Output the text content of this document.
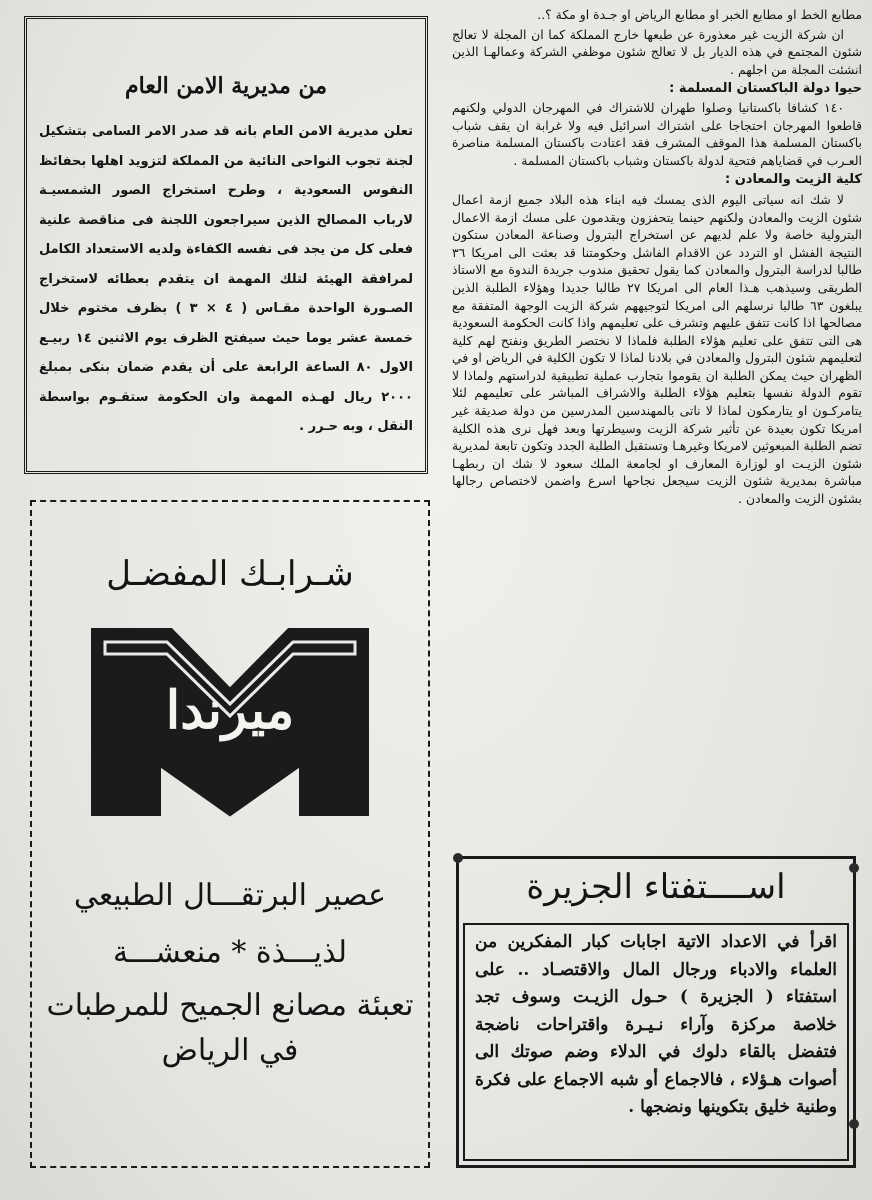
مطابع الخط او مطابع الخبر او مطابع الرياض او جـدة او مكة ؟..

ان شركة الزيت غير معذورة عن طبعها خارج المملكة كما ان المجلة لا تعالج شئون المجتمع في هذه الديار بل لا تعالج شئون موظفي الشركة وعمالهـا الذين انشئت المجلة من اجلهم .

حيوا دولة الباكستان المسلمة :

١٤٠ كشافا باكستانيا وصلوا طهران للاشتراك في المهرجان الدولي ولكنهم قاطعوا المهرجان احتجاجا على اشتراك اسرائيل فيه ولا غرابة ان يقف شباب باكستان المسلمة هذا الموقف المشرف فقد اعتادت باكستان المسلمة مناصرة العـرب في قضاياهم فتحية لدولة باكستان وشباب باكستان المسلمة .

كلية الزيت والمعادن :

لا شك انه سياتى اليوم الذى يمسك فيه ابناء هذه البلاد جميع ازمة اعمال شئون الزيت والمعادن ولكنهم حينما يتحفزون ويقدمون على مسك ازمة الاعمال البترولية خاصة ولا علم لديهم عن استخراج البترول وصناعة المعادن ستكون النتيجة الفشل او التردد عن الاقدام الفاشل وحكومتنا قد بعثت الى امريكا ٣٦ طالبا لدراسة البترول والمعادن كما يقول تحقيق مندوب جريدة الندوة مع الاستاذ الطريقى وسيذهب هـذا العام الى امريكا ٢٧ طالبا جديدا وهؤلاء الطلبة الذين يبلغون ٦٣ طالبا نرسلهم الى امريكا لتوجيههم شركة الزيت الوجهة المتفقة مع مصالحها اذا كانت تتفق عليهم وتشرف على تعليمهم واذا كانت الحكومة السعودية هى التى تتفق على تعليم هؤلاء الطلبة فلماذا لا نختصر الطريق ونفتح لهم كلية لتعليمهم شئون البترول والمعادن في بلادنا لماذا لا تكون الكلية في الرياض او في الظهران حيث يمكن الطلبة ان يقوموا بتجارب عملية تطبيقية لدراستهم ولماذا لا تقوم الدولة نفسها بتعليم هؤلاء الطلبة والاشراف المباشر على تعليمهم لئلا يتامركـون او يتارمكون لماذا لا ناتى بالمهندسين المدرسين من دولة صديقة غير امريكا تكون بعيدة عن تأثير شركة الزيت وسيطرتها وبعد فهل نرى هذه الكلية تضم الطلبة المبعوثين لامريكا وغيرهـا وتستقبل الطلبة الجدد وتكون تابعة لمديرية شئون الزيـت او لوزارة المعارف او لجامعة الملك سعود لا شك ان ربطهـا مباشرة بمديرية شئون الزيت سيجعل نجاحها اسرع واضمن لاختصاص رجالها بشئون الزيت والمعادن .

من مديرية الامن العام
تعلن مديرية الامن العام بانه قد صدر الامر السامى بتشكيل لجنة تجوب النواحى النائية من المملكة لتزويد اهلها بحفائظ النفوس السعودية ، وطرح استخراج الصور الشمسيـة لارباب المصالح الذين سيراجعون اللجنة فى مناقصة علنية فعلى كل من يجد فى نفسه الكفاءة ولديه الاستعداد الكامل لمرافقة الهيئة لتلك المهمة ان يتقدم بعطائه لاستخراج الصـورة الواحدة مقـاس ( ٤ × ٣ ) بظرف مختوم خلال خمسة عشر يوما حيث سيفتح الظرف يوم الاثنين ١٤ ربيـع الاول ٨٠ الساعة الرابعة على أن يقدم ضمان بنكى بمبلغ ٢٠٠٠ ريال لهـذه المهمة وان الحكومة ستقـوم بواسطة النقل ، وبه حـرر .
شـرابـك المفضـل
ميرندا
عصير البرتقـــال الطبيعي
لذيـــذة * منعشـــة
تعبئة مصانع الجميح للمرطبات
في الرياض
اســــتفتاء الجزيرة
اقرأ في الاعداد الاتية اجابات كبار المفكرين من العلماء والادباء ورجال المال والاقتصـاد .. على استفتاء ( الجزيرة ) حـول الزيـت وسوف تجد خلاصة مركزة وآراء نـيـرة واقتراحات ناضجة فتفضل بالقاء دلوك في الدلاء وضم صوتك الى أصوات هـؤلاء ، فالاجماع أو شبه الاجماع على فكرة وطنية خليق بتكوينها ونضجها .
